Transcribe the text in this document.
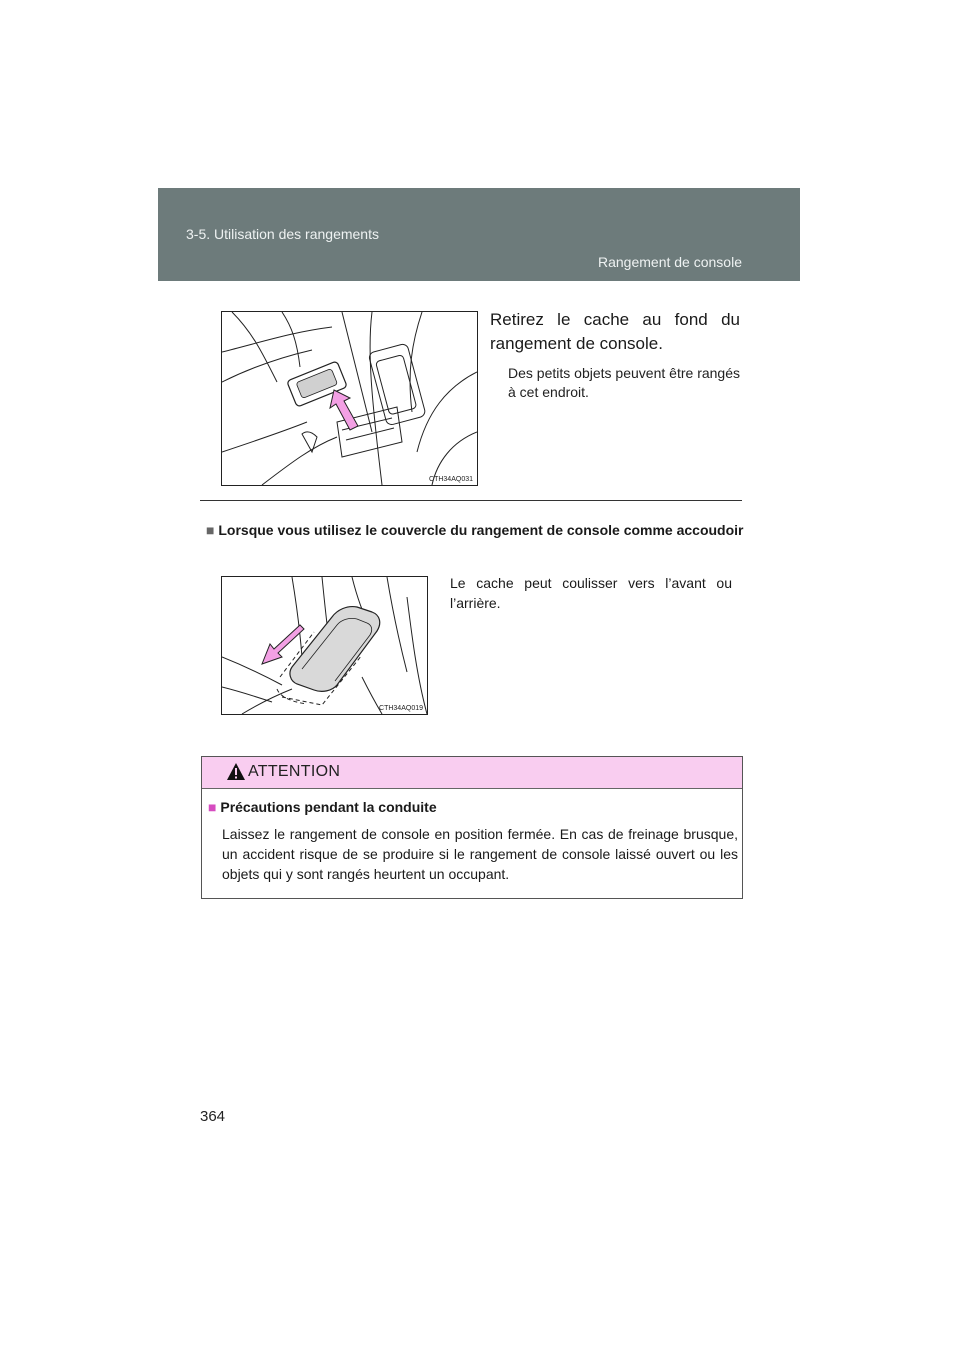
3-5. Utilisation des rangements
Rangement de console
CTH34AQ031
Retirez le cache au fond du rangement de console.
Des petits objets peuvent être rangés à cet endroit.
■ Lorsque vous utilisez le couvercle du rangement de console comme accoudoir
CTH34AQ019
Le cache peut coulisser vers l’avant ou l’arrière.
ATTENTION
■ Précautions pendant la conduite
Laissez le rangement de console en position fermée. En cas de freinage brusque, un accident risque de se produire si le rangement de console laissé ouvert ou les objets qui y sont rangés heurtent un occupant.
364
